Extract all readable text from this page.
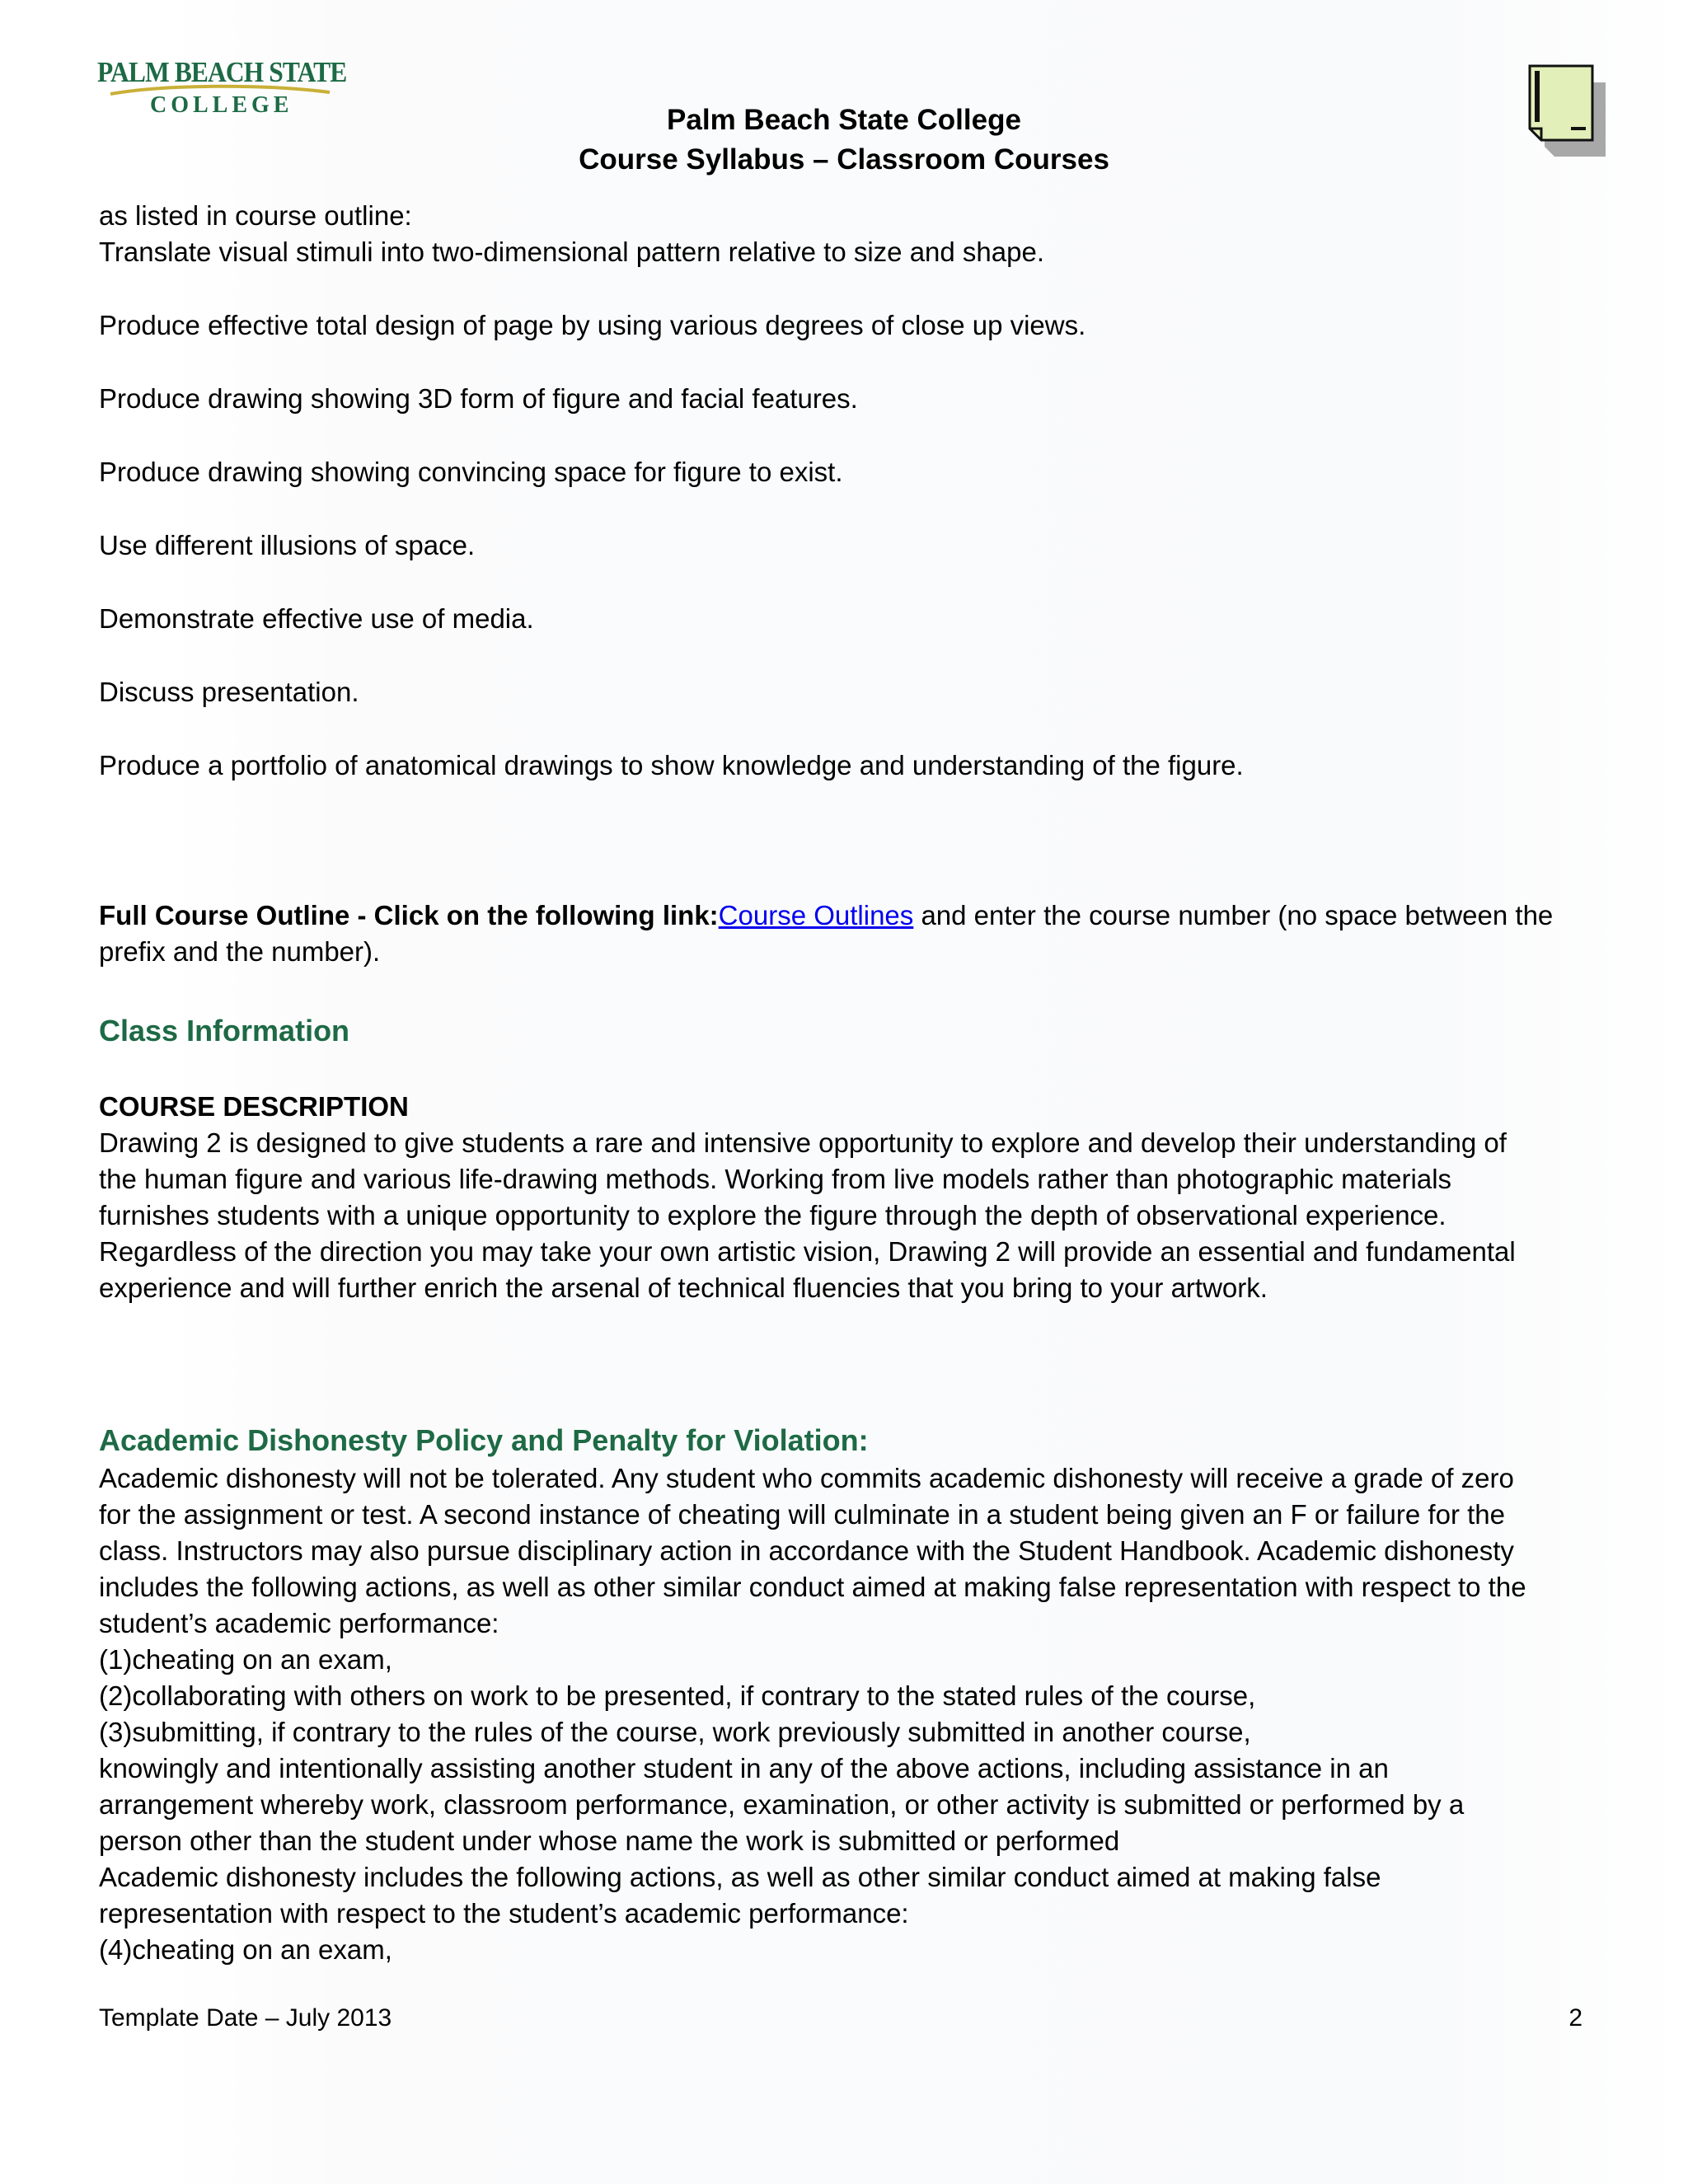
PALM BEACH STATE
COLLEGE	Palm Beach State College
Course Syllabus – Classroom Courses
as listed in course outline:
Translate visual stimuli into two-dimensional pattern relative to size and shape.
Produce effective total design of page by using various degrees of close up views.
Produce drawing showing 3D form of figure and facial features.
Produce drawing showing convincing space for figure to exist.
Use different illusions of space.
Demonstrate effective use of media.
Discuss presentation.
Produce a portfolio of anatomical drawings to show knowledge and understanding of the figure.
Full Course Outline - Click on the following link:Course Outlines and enter the course number (no space between the
prefix and the number).
Class Information
COURSE DESCRIPTION
Drawing 2 is designed to give students a rare and intensive opportunity to explore and develop their understanding of
the human figure and various life-drawing methods. Working from live models rather than photographic materials
furnishes students with a unique opportunity to explore the figure through the depth of observational experience.
Regardless of the direction you may take your own artistic vision, Drawing 2 will provide an essential and fundamental
experience and will further enrich the arsenal of technical fluencies that you bring to your artwork.
Academic Dishonesty Policy and Penalty for Violation:
Academic dishonesty will not be tolerated. Any student who commits academic dishonesty will receive a grade of zero
for the assignment or test. A second instance of cheating will culminate in a student being given an F or failure for the
class. Instructors may also pursue disciplinary action in accordance with the Student Handbook. Academic dishonesty
includes the following actions, as well as other similar conduct aimed at making false representation with respect to the
student’s academic performance:
(1)cheating on an exam,
(2)collaborating with others on work to be presented, if contrary to the stated rules of the course,
(3)submitting, if contrary to the rules of the course, work previously submitted in another course,
knowingly and intentionally assisting another student in any of the above actions, including assistance in an
arrangement whereby work, classroom performance, examination, or other activity is submitted or performed by a
person other than the student under whose name the work is submitted or performed
Academic dishonesty includes the following actions, as well as other similar conduct aimed at making false
representation with respect to the student’s academic performance:
(4)cheating on an exam,
Template Date – July 2013	2
